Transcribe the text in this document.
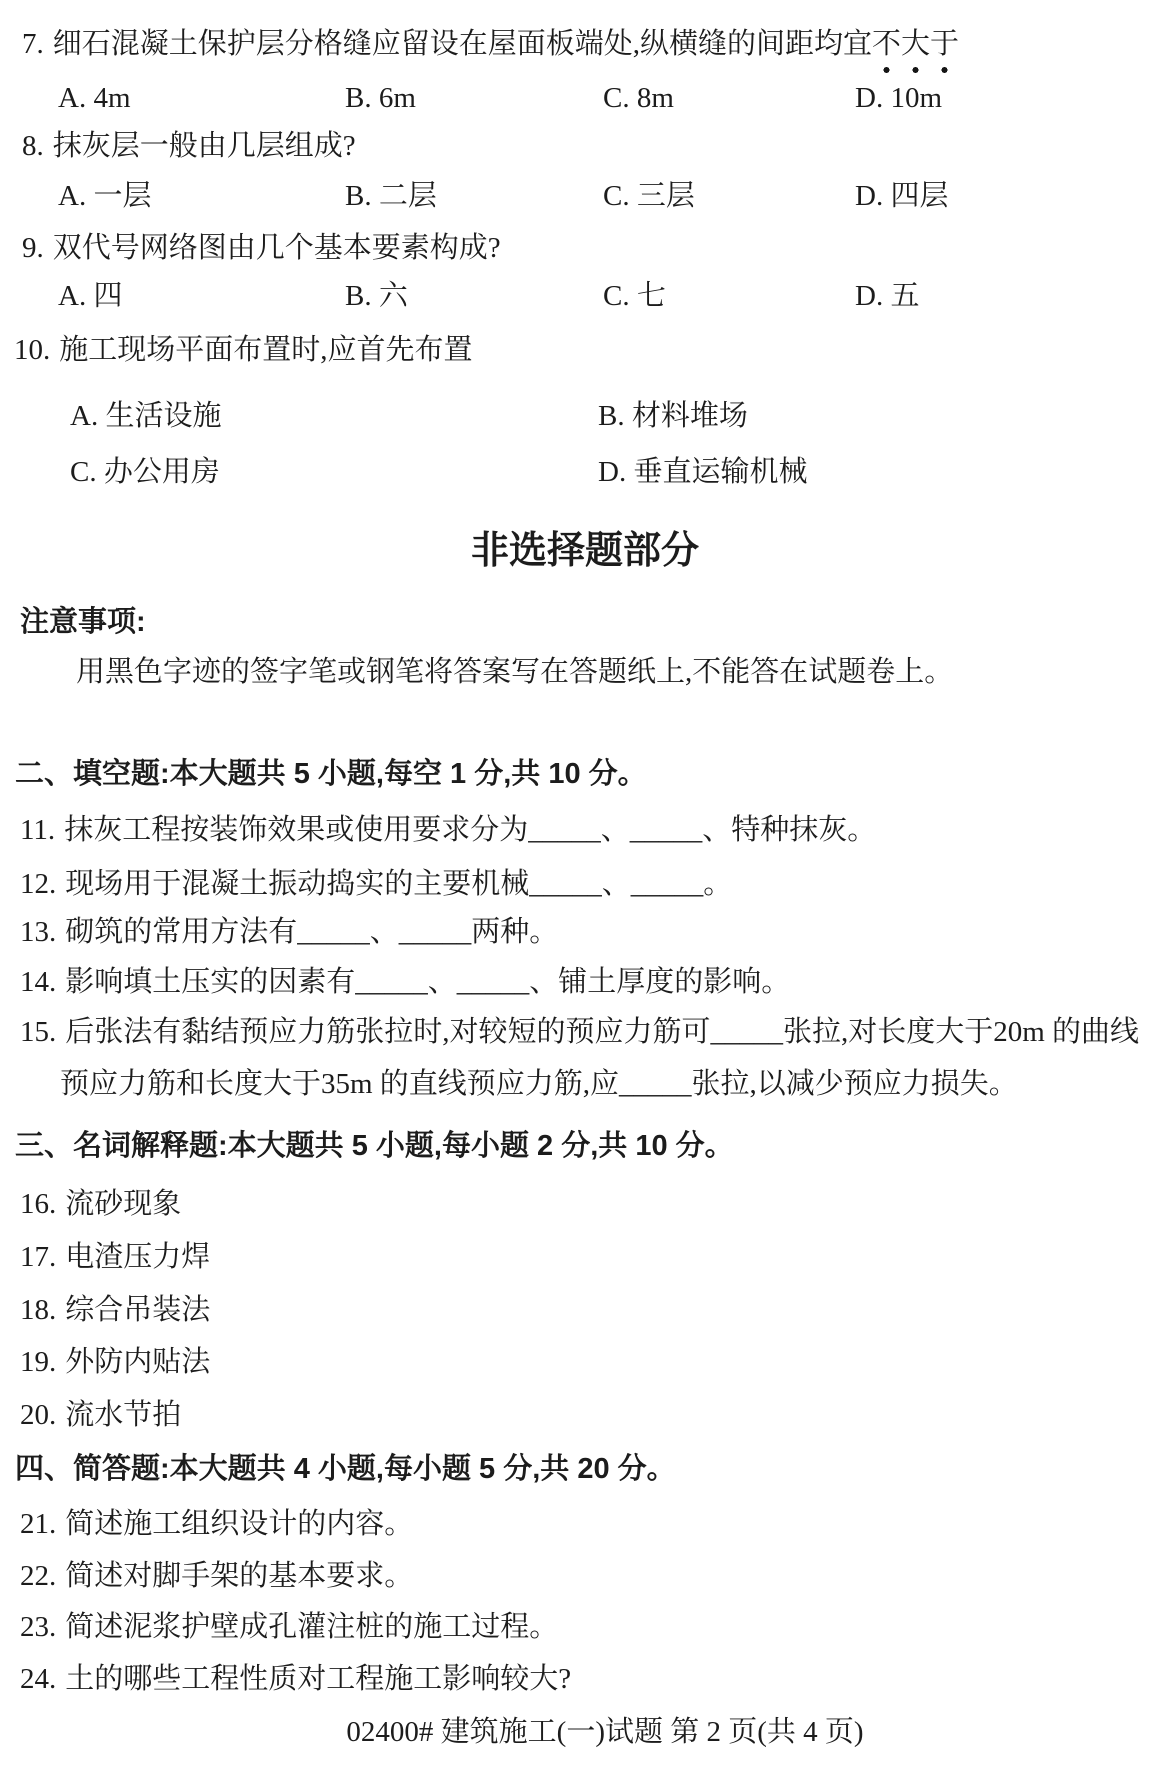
7. 细石混凝土保护层分格缝应留设在屋面板端处,纵横缝的间距均宜不大于
A. 4m	B. 6m	C. 8m	D. 10m
8. 抹灰层一般由几层组成?
A. 一层	B. 二层	C. 三层	D. 四层
9. 双代号网络图由几个基本要素构成?
A. 四	B. 六	C. 七	D. 五
10. 施工现场平面布置时,应首先布置
A. 生活设施	B. 材料堆场
C. 办公用房	D. 垂直运输机械
非选择题部分
注意事项:
用黑色字迹的签字笔或钢笔将答案写在答题纸上,不能答在试题卷上。
二、填空题:本大题共 5 小题,每空 1 分,共 10 分。
11. 抹灰工程按装饰效果或使用要求分为_____、_____、特种抹灰。
12. 现场用于混凝土振动捣实的主要机械_____、_____。
13. 砌筑的常用方法有_____、_____两种。
14. 影响填土压实的因素有_____、_____、铺土厚度的影响。
15. 后张法有黏结预应力筋张拉时,对较短的预应力筋可_____张拉,对长度大于20m 的曲线
预应力筋和长度大于35m 的直线预应力筋,应_____张拉,以减少预应力损失。
三、名词解释题:本大题共 5 小题,每小题 2 分,共 10 分。
16. 流砂现象
17. 电渣压力焊
18. 综合吊装法
19. 外防内贴法
20. 流水节拍
四、简答题:本大题共 4 小题,每小题 5 分,共 20 分。
21. 简述施工组织设计的内容。
22. 简述对脚手架的基本要求。
23. 简述泥浆护壁成孔灌注桩的施工过程。
24. 土的哪些工程性质对工程施工影响较大?
02400# 建筑施工(一)试题 第 2 页(共 4 页)
